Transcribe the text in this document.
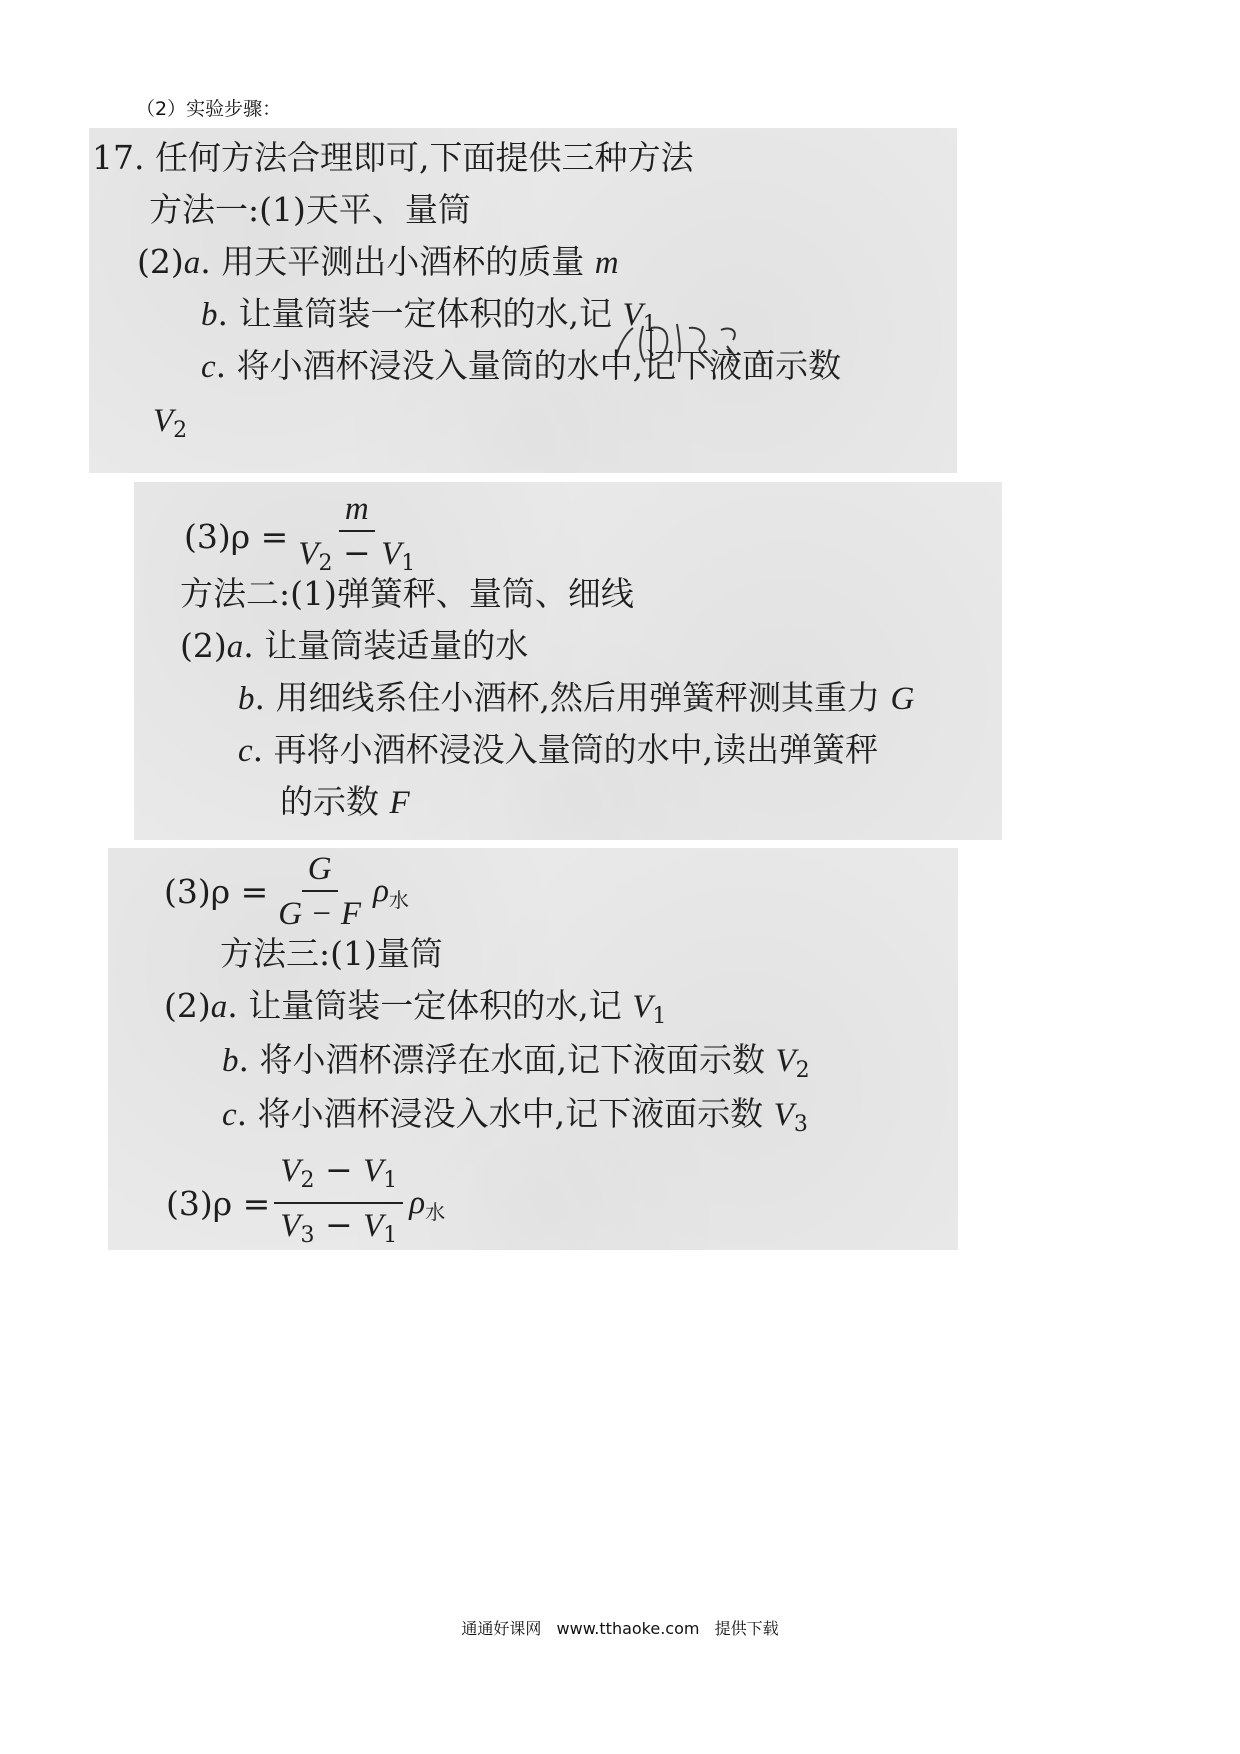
（2）实验步骤：
17. 任何方法合理即可,下面提供三种方法
方法一:(1)天平、量筒
(2)a. 用天平测出小酒杯的质量 m
b. 让量筒装一定体积的水,记 $V_1$
c. 将小酒杯浸没入量筒的水中,记下液面示数
$V_2$
$(3)\rho = \frac{m}{V_2 - V_1}$
方法二:(1)弹簧秤、量筒、细线
(2)a. 让量筒装适量的水
b. 用细线系住小酒杯,然后用弹簧秤测其重力 G
c. 再将小酒杯浸没入量筒的水中,读出弹簧秤
的示数 F
$(3)\rho = \frac{G}{G - F}$ ρ水
方法三:(1)量筒
(2)a. 让量筒装一定体积的水,记 $V_1$
b. 将小酒杯漂浮在水面,记下液面示数 $V_2$
c. 将小酒杯浸没入水中,记下液面示数 $V_3$
$(3)\rho = \frac{V_2 - V_1}{V_3 - V_1}$ ρ水
通通好课网 www.tthaoke.com 提供下载
